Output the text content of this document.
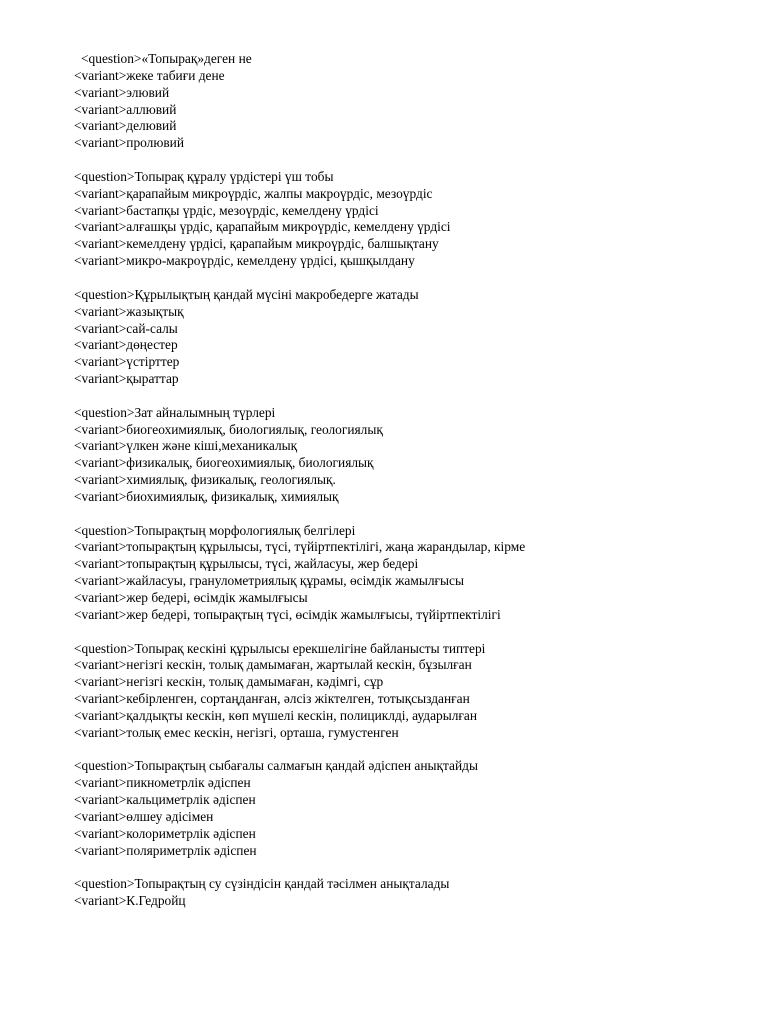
<question>«Топырақ»деген не
<variant>жеке табиғи дене
<variant>элювий
<variant>аллювий
<variant>делювий
<variant>пролювий
<question>Топырақ құралу үрдістері үш тобы
<variant>қарапайым микроүрдіс, жалпы макроүрдіс, мезоүрдіс
<variant>бастапқы үрдіс, мезоүрдіс, кемелдену үрдісі
<variant>алғашқы үрдіс, қарапайым микроүрдіс, кемелдену үрдісі
<variant>кемелдену үрдісі, қарапайым микроүрдіс, балшықтану
<variant>микро-макроүрдіс, кемелдену үрдісі, қышқылдану
<question>Құрылықтың қандай мүсіні макробедерге жатады
<variant>жазықтық
<variant>сай-салы
<variant>дөңестер
<variant>үстірттер
<variant>қыраттар
<question>Зат айналымның түрлері
<variant>биогеохимиялық, биологиялық, геологиялық
<variant>үлкен және кіші,механикалық
<variant>физикалық, биогеохимиялық, биологиялық
<variant>химиялық, физикалық, геологиялық.
<variant>биохимиялық, физикалық, химиялық
<question>Топырақтың морфологиялық белгілері
<variant>топырақтың құрылысы, түсі, түйіртпектілігі, жаңа жарандылар, кірме
<variant>топырақтың құрылысы, түсі, жайласуы, жер бедері
<variant>жайласуы, гранулометриялық құрамы, өсімдік жамылғысы
<variant>жер бедері, өсімдік жамылғысы
<variant>жер бедері, топырақтың түсі, өсімдік жамылғысы, түйіртпектілігі
<question>Топырақ кескіні құрылысы ерекшелігіне байланысты типтері
<variant>негізгі кескін, толық дамымаған, жартылай кескін, бұзылған
<variant>негізгі кескін, толық дамымаған, кәдімгі, сұр
<variant>кебірленген, сортаңданған, әлсіз жіктелген, тотықсызданған
<variant>қалдықты кескін, көп мүшелі кескін, полициклді, аударылған
<variant>толық емес кескін, негізгі, орташа, гумустенген
<question>Топырақтың сыбағалы салмағын қандай әдіспен анықтайды
<variant>пикнометрлік әдіспен
<variant>кальциметрлік әдіспен
<variant>өлшеу әдісімен
<variant>колориметрлік әдіспен
<variant>поляриметрлік әдіспен
<question>Топырақтың су сүзіндісін қандай тәсілмен анықталады
<variant>К.Гедройц
